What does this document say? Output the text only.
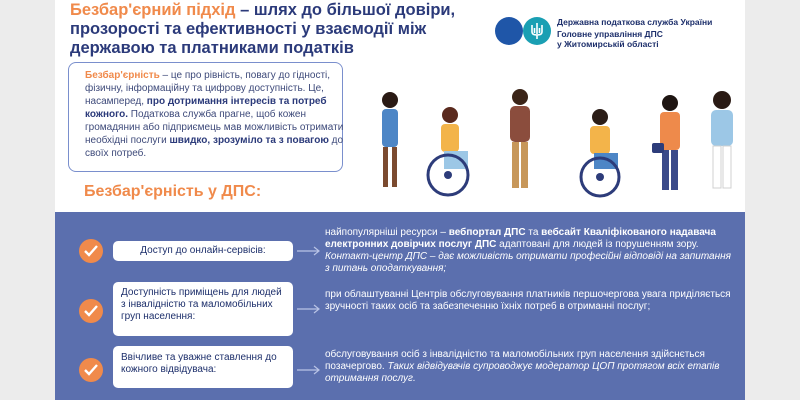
Безбар'єрний підхід – шлях до більшої довіри, прозорості та ефективності у взаємодії між державою та платниками податків
Державна податкова служба України
Головне управління ДПС
у Житомирській області
Безбар'єрність – це про рівність, повагу до гідності, фізичну, інформаційну та цифрову доступність. Це, насамперед, про дотримання інтересів та потреб кожного. Податкова служба прагне, щоб кожен громадянин або підприємець мав можливість отримати необхідні послуги швидко, зрозуміло та з повагою до своїх потреб.
Безбар'єрність у ДПС:
Доступ до онлайн-сервісів:
найпопулярніші ресурси – вебпортал ДПС та вебсайт Кваліфікованого надавача електронних довірчих послуг ДПС адаптовані для людей із порушенням зору. Контакт-центр ДПС – дає можливість отримати професійні відповіді на запитання з питань оподаткування;
Доступність приміщень для людей з інвалідністю та маломобільних груп населення:
при облаштуванні Центрів обслуговування платників першочергова увага приділяється зручності таких осіб та забезпеченню їхніх потреб в отриманні послуг;
Ввічливе та уважне ставлення до кожного відвідувача:
обслуговування осіб з інвалідністю та маломобільних груп населення здійснється позачергово. Таких відвідувачів супроводжує модератор ЦОП протягом всіх етапів отримання послуг.
